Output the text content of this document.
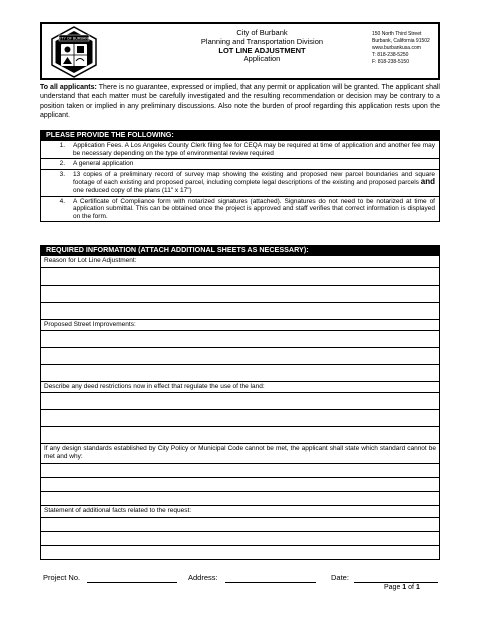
CITY OF BURBANK
City of Burbank
Planning and Transportation Division
LOT LINE ADJUSTMENT
Application
150 North Third Street
Burbank, California 91502
www.burbankusa.com
T: 818-238-5250
F: 818-238-5150
To all applicants: There is no guarantee, expressed or implied, that any permit or application will be granted. The applicant shall understand that each matter must be carefully investigated and the resulting recommendation or decision may be contrary to a position taken or implied in any preliminary discussions. Also note the burden of proof regarding this application rests upon the applicant.
PLEASE PROVIDE THE FOLLOWING:
1.	Application Fees. A Los Angeles County Clerk filing fee for CEQA may be required at time of application and another fee may be necessary depending on the type of environmental review required
2.	A general application
3.	13 copies of a preliminary record of survey map showing the existing and proposed new parcel boundaries and square footage of each existing and proposed parcel, including complete legal descriptions of the existing and proposed parcels and one reduced copy of the plans (11" x 17")
4.	A Certificate of Compliance form with notarized signatures (attached). Signatures do not need to be notarized at time of application submittal. This can be obtained once the project is approved and staff verifies that correct information is displayed on the form.
REQUIRED INFORMATION (ATTACH ADDITIONAL SHEETS AS NECESSARY):
Reason for Lot Line Adjustment:
Proposed Street Improvements:
Describe any deed restrictions now in effect that regulate the use of the land:
If any design standards established by City Policy or Municipal Code cannot be met, the applicant shall state which standard cannot be met and why:
Statement of additional facts related to the request:
Project No.	Address:	Date:
Page 1 of 1
